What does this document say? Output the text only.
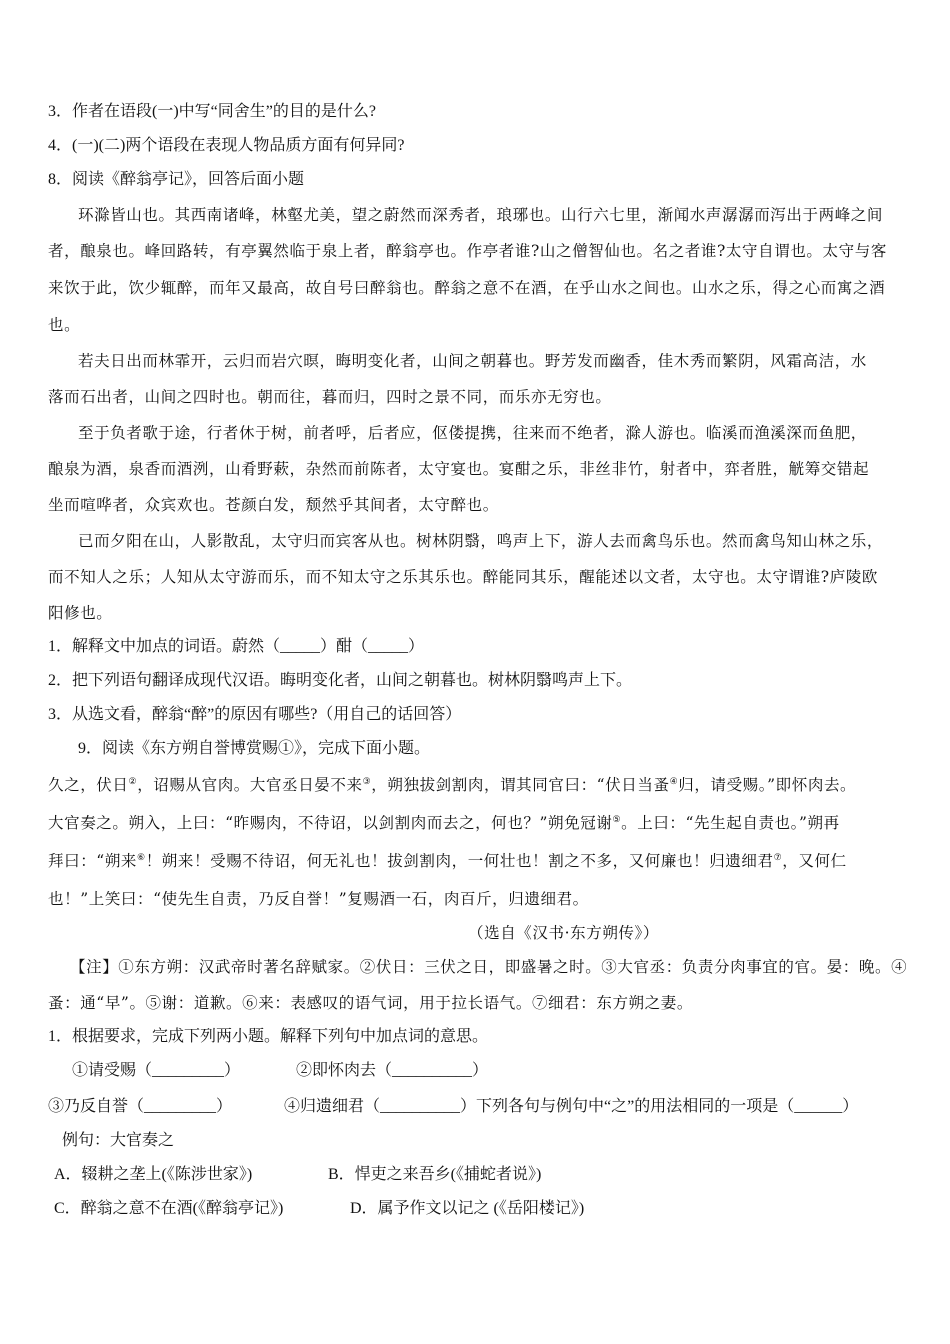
3．作者在语段(一)中写“同舍生”的目的是什么?
4．(一)(二)两个语段在表现人物品质方面有何异同?
8．阅读《醉翁亭记》，回答后面小题
环滁皆山也。其西南诸峰，林壑尤美，望之蔚然而深秀者，琅琊也。山行六七里，渐闻水声潺潺而泻出于两峰之间
者，酿泉也。峰回路转，有亭翼然临于泉上者，醉翁亭也。作亭者谁?山之僧智仙也。名之者谁?太守自谓也。太守与客
来饮于此，饮少辄醉，而年又最高，故自号曰醉翁也。醉翁之意不在酒，在乎山水之间也。山水之乐，得之心而寓之酒
也。
若夫日出而林霏开，云归而岩穴暝，晦明变化者，山间之朝暮也。野芳发而幽香，佳木秀而繁阴，风霜高洁，水
落而石出者，山间之四时也。朝而往，暮而归，四时之景不同，而乐亦无穷也。
至于负者歌于途，行者休于树，前者呼，后者应，伛偻提携，往来而不绝者，滁人游也。临溪而渔溪深而鱼肥，
酿泉为酒，泉香而酒洌，山肴野蔌，杂然而前陈者，太守宴也。宴酣之乐，非丝非竹，射者中，弈者胜，觥筹交错起
坐而喧哗者，众宾欢也。苍颜白发，颓然乎其间者，太守醉也。
已而夕阳在山，人影散乱，太守归而宾客从也。树林阴翳，鸣声上下，游人去而禽鸟乐也。然而禽鸟知山林之乐，
而不知人之乐；人知从太守游而乐，而不知太守之乐其乐也。醉能同其乐，醒能述以文者，太守也。太守谓谁?庐陵欧
阳修也。
1．解释文中加点的词语。蔚然（_____）酣（_____）
2．把下列语句翻译成现代汉语。晦明变化者，山间之朝暮也。树林阴翳鸣声上下。
3．从选文看，醉翁“醉”的原因有哪些?（用自己的话回答）
9．阅读《东方朔自誉博赏赐①》，完成下面小题。
久之，伏日②，诏赐从官肉。大官丞日晏不来③，朔独拔剑割肉，谓其同官曰：“伏日当蚤④归，请受赐。”即怀肉去。
大官奏之。朔入，上曰：“昨赐肉，不待诏，以剑割肉而去之，何也？”朔免冠谢⑤。上曰：“先生起自责也。”朔再
拜曰：“朔来⑥！朔来！受赐不待诏，何无礼也！拔剑割肉，一何壮也！割之不多，又何廉也！归遗细君⑦，又何仁
也！”上笑曰：“使先生自责，乃反自誉！”复赐酒一石，肉百斤，归遗细君。
（选自《汉书·东方朔传》）
【注】①东方朔：汉武帝时著名辞赋家。②伏日：三伏之日，即盛暑之时。③大官丞：负责分肉事宜的官。晏：晚。④
蚤：通“早”。⑤谢：道歉。⑥来：表感叹的语气词，用于拉长语气。⑦细君：东方朔之妻。
1．根据要求，完成下列两小题。解释下列句中加点词的意思。
①请受赐（_________）	②即怀肉去（__________）
③乃反自誉（_________）	④归遗细君（__________）下列各句与例句中“之”的用法相同的一项是（______）
例句：大官奏之
A．辍耕之垄上(《陈涉世家》)	B．悍吏之来吾乡(《捕蛇者说》)
C．醉翁之意不在酒(《醉翁亭记》)	D．属予作文以记之 (《岳阳楼记》)
